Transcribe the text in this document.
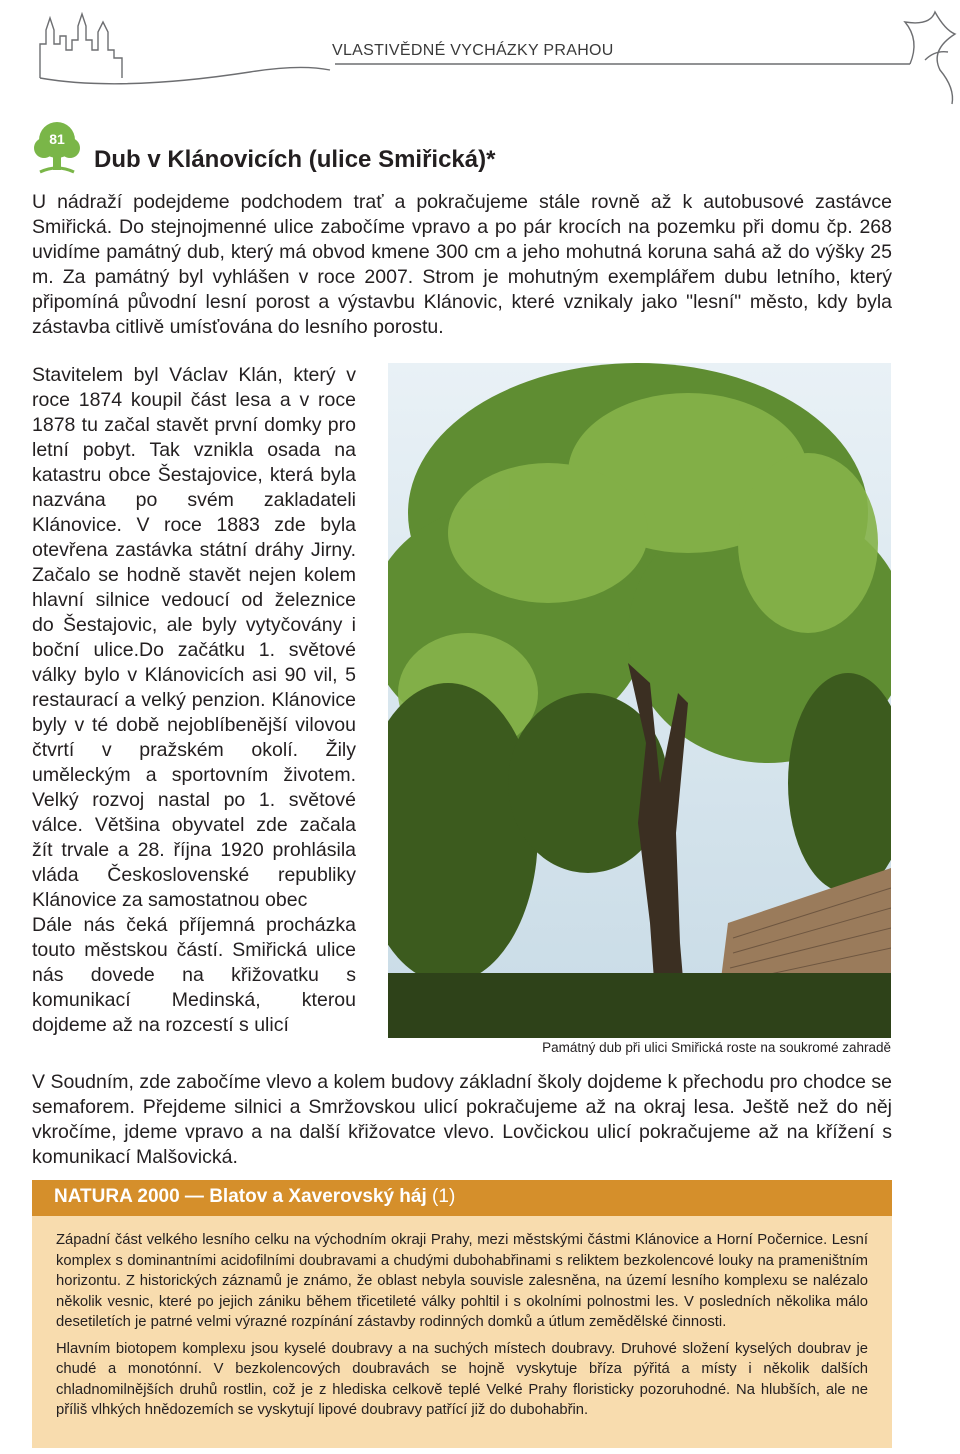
VLASTIVĚDNÉ VYCHÁZKY PRAHOU
81
Dub v Klánovicích (ulice Smiřická)*

U nádraží podejdeme podchodem trať a pokračujeme stále rovně až k autobusové zastávce Smiřická. Do stejnojmenné ulice zabočíme vpravo a po pár krocích na pozemku při domu čp. 268 uvidíme památný dub, který má obvod kmene 300 cm a jeho mohutná koruna sahá až do výšky 25 m. Za památný byl vyhlášen v roce 2007. Strom je mohutným exemplářem dubu letního, který připomíná původní lesní porost a výstavbu Klánovic, které vznikaly jako "lesní" město, kdy byla zástavba citlivě umísťována do lesního porostu.

Stavitelem byl Václav Klán, který v roce 1874 koupil část lesa a v roce 1878 tu začal stavět první domky pro letní pobyt. Tak vznikla osada na katastru obce Šestajovice, která byla nazvána po svém zakladateli Klánovice. V roce 1883 zde byla otevřena zastávka státní dráhy Jirny. Začalo se hodně stavět nejen kolem hlavní silnice vedoucí od železnice do Šestajovic, ale byly vytyčovány i boční ulice.Do začátku 1. světové války bylo v Klánovicích asi 90 vil, 5 restaurací a velký penzion. Klánovice byly v té době nejoblíbenější vilovou čtvrtí v pražském okolí. Žily uměleckým a sportovním životem. Velký rozvoj nastal po 1. světové válce. Většina obyvatel zde začala žít trvale a 28. října 1920 prohlásila vláda Československé republiky Klánovice za samostatnou obec

Dále nás čeká příjemná procházka touto městskou částí. Smiřická ulice nás dovede na křižovatku s komunikací Medinská, kterou dojdeme až na rozcestí s ulicí

Památný dub při ulici Smiřická roste na soukromé zahradě

V Soudním, zde zabočíme vlevo a kolem budovy základní školy dojdeme k přechodu pro chodce se semaforem. Přejdeme silnici a Smržovskou ulicí pokračujeme až na okraj lesa. Ještě než do něj vkročíme, jdeme vpravo a na další křižovatce vlevo. Lovčickou ulicí pokračujeme až na křížení s komunikací Malšovická.

NATURA 2000 — Blatov a Xaverovský háj (1)

Západní část velkého lesního celku na východním okraji Prahy, mezi městskými částmi Klánovice a Horní Počernice. Lesní komplex s dominantními acidofilními doubravami a chudými dubohabřinami s reliktem bezkolencové louky na prameništním horizontu. Z historických záznamů je známo, že oblast nebyla souvisle zalesněna, na území lesního komplexu se nalézalo několik vesnic, které po jejich zániku během třicetileté války pohltil i s okolními polnostmi les. V posledních několika málo desetiletích je patrné velmi výrazné rozpínání zástavby rodinných domků a útlum zemědělské činnosti.

Hlavním biotopem komplexu jsou kyselé doubravy a na suchých místech doubravy. Druhové složení kyselých doubrav je chudé a monotónní. V bezkolencových doubravách se hojně vyskytuje bříza pýřitá a místy i několik dalších chladnomilnějších druhů rostlin, což je z hlediska celkově teplé Velké Prahy floristicky pozoruhodné. Na hlubších, ale ne příliš vlhkých hnědozemích se vyskytují lipové doubravy patřící již do dubohabřin.
